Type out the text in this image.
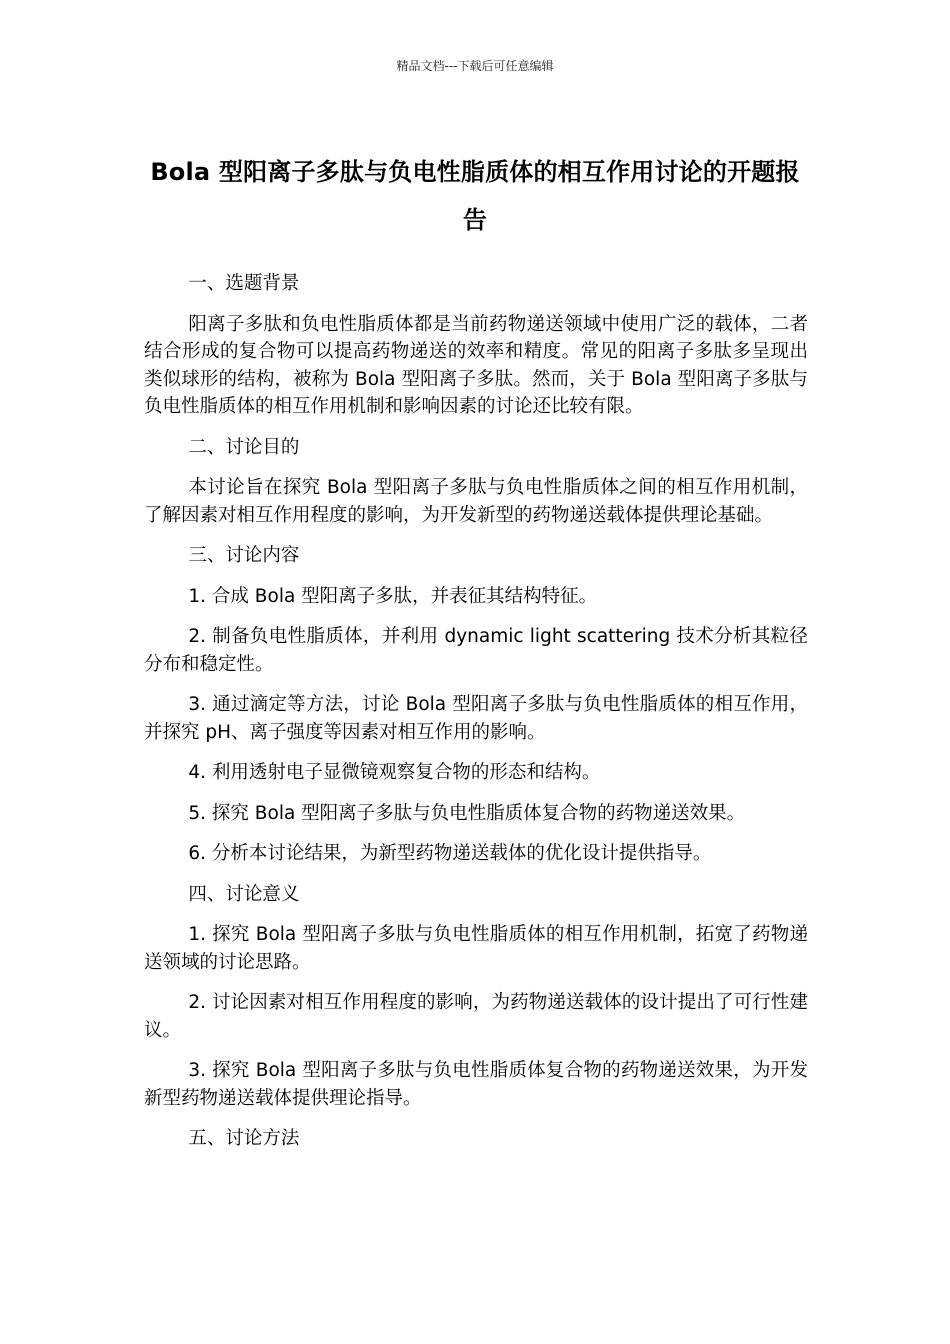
精品文档---下载后可任意编辑
Bola 型阳离子多肽与负电性脂质体的相互作用讨论的开题报告

一、选题背景

阳离子多肽和负电性脂质体都是当前药物递送领域中使用广泛的载体，二者结合形成的复合物可以提高药物递送的效率和精度。常见的阳离子多肽多呈现出类似球形的结构，被称为 Bola 型阳离子多肽。然而，关于 Bola 型阳离子多肽与负电性脂质体的相互作用机制和影响因素的讨论还比较有限。

二、讨论目的

本讨论旨在探究 Bola 型阳离子多肽与负电性脂质体之间的相互作用机制，了解因素对相互作用程度的影响，为开发新型的药物递送载体提供理论基础。

三、讨论内容

1. 合成 Bola 型阳离子多肽，并表征其结构特征。

2. 制备负电性脂质体，并利用 dynamic light scattering 技术分析其粒径分布和稳定性。

3. 通过滴定等方法，讨论 Bola 型阳离子多肽与负电性脂质体的相互作用，并探究 pH、离子强度等因素对相互作用的影响。

4. 利用透射电子显微镜观察复合物的形态和结构。

5. 探究 Bola 型阳离子多肽与负电性脂质体复合物的药物递送效果。

6. 分析本讨论结果，为新型药物递送载体的优化设计提供指导。

四、讨论意义

1. 探究 Bola 型阳离子多肽与负电性脂质体的相互作用机制，拓宽了药物递送领域的讨论思路。

2. 讨论因素对相互作用程度的影响，为药物递送载体的设计提出了可行性建议。

3. 探究 Bola 型阳离子多肽与负电性脂质体复合物的药物递送效果，为开发新型药物递送载体提供理论指导。

五、讨论方法
